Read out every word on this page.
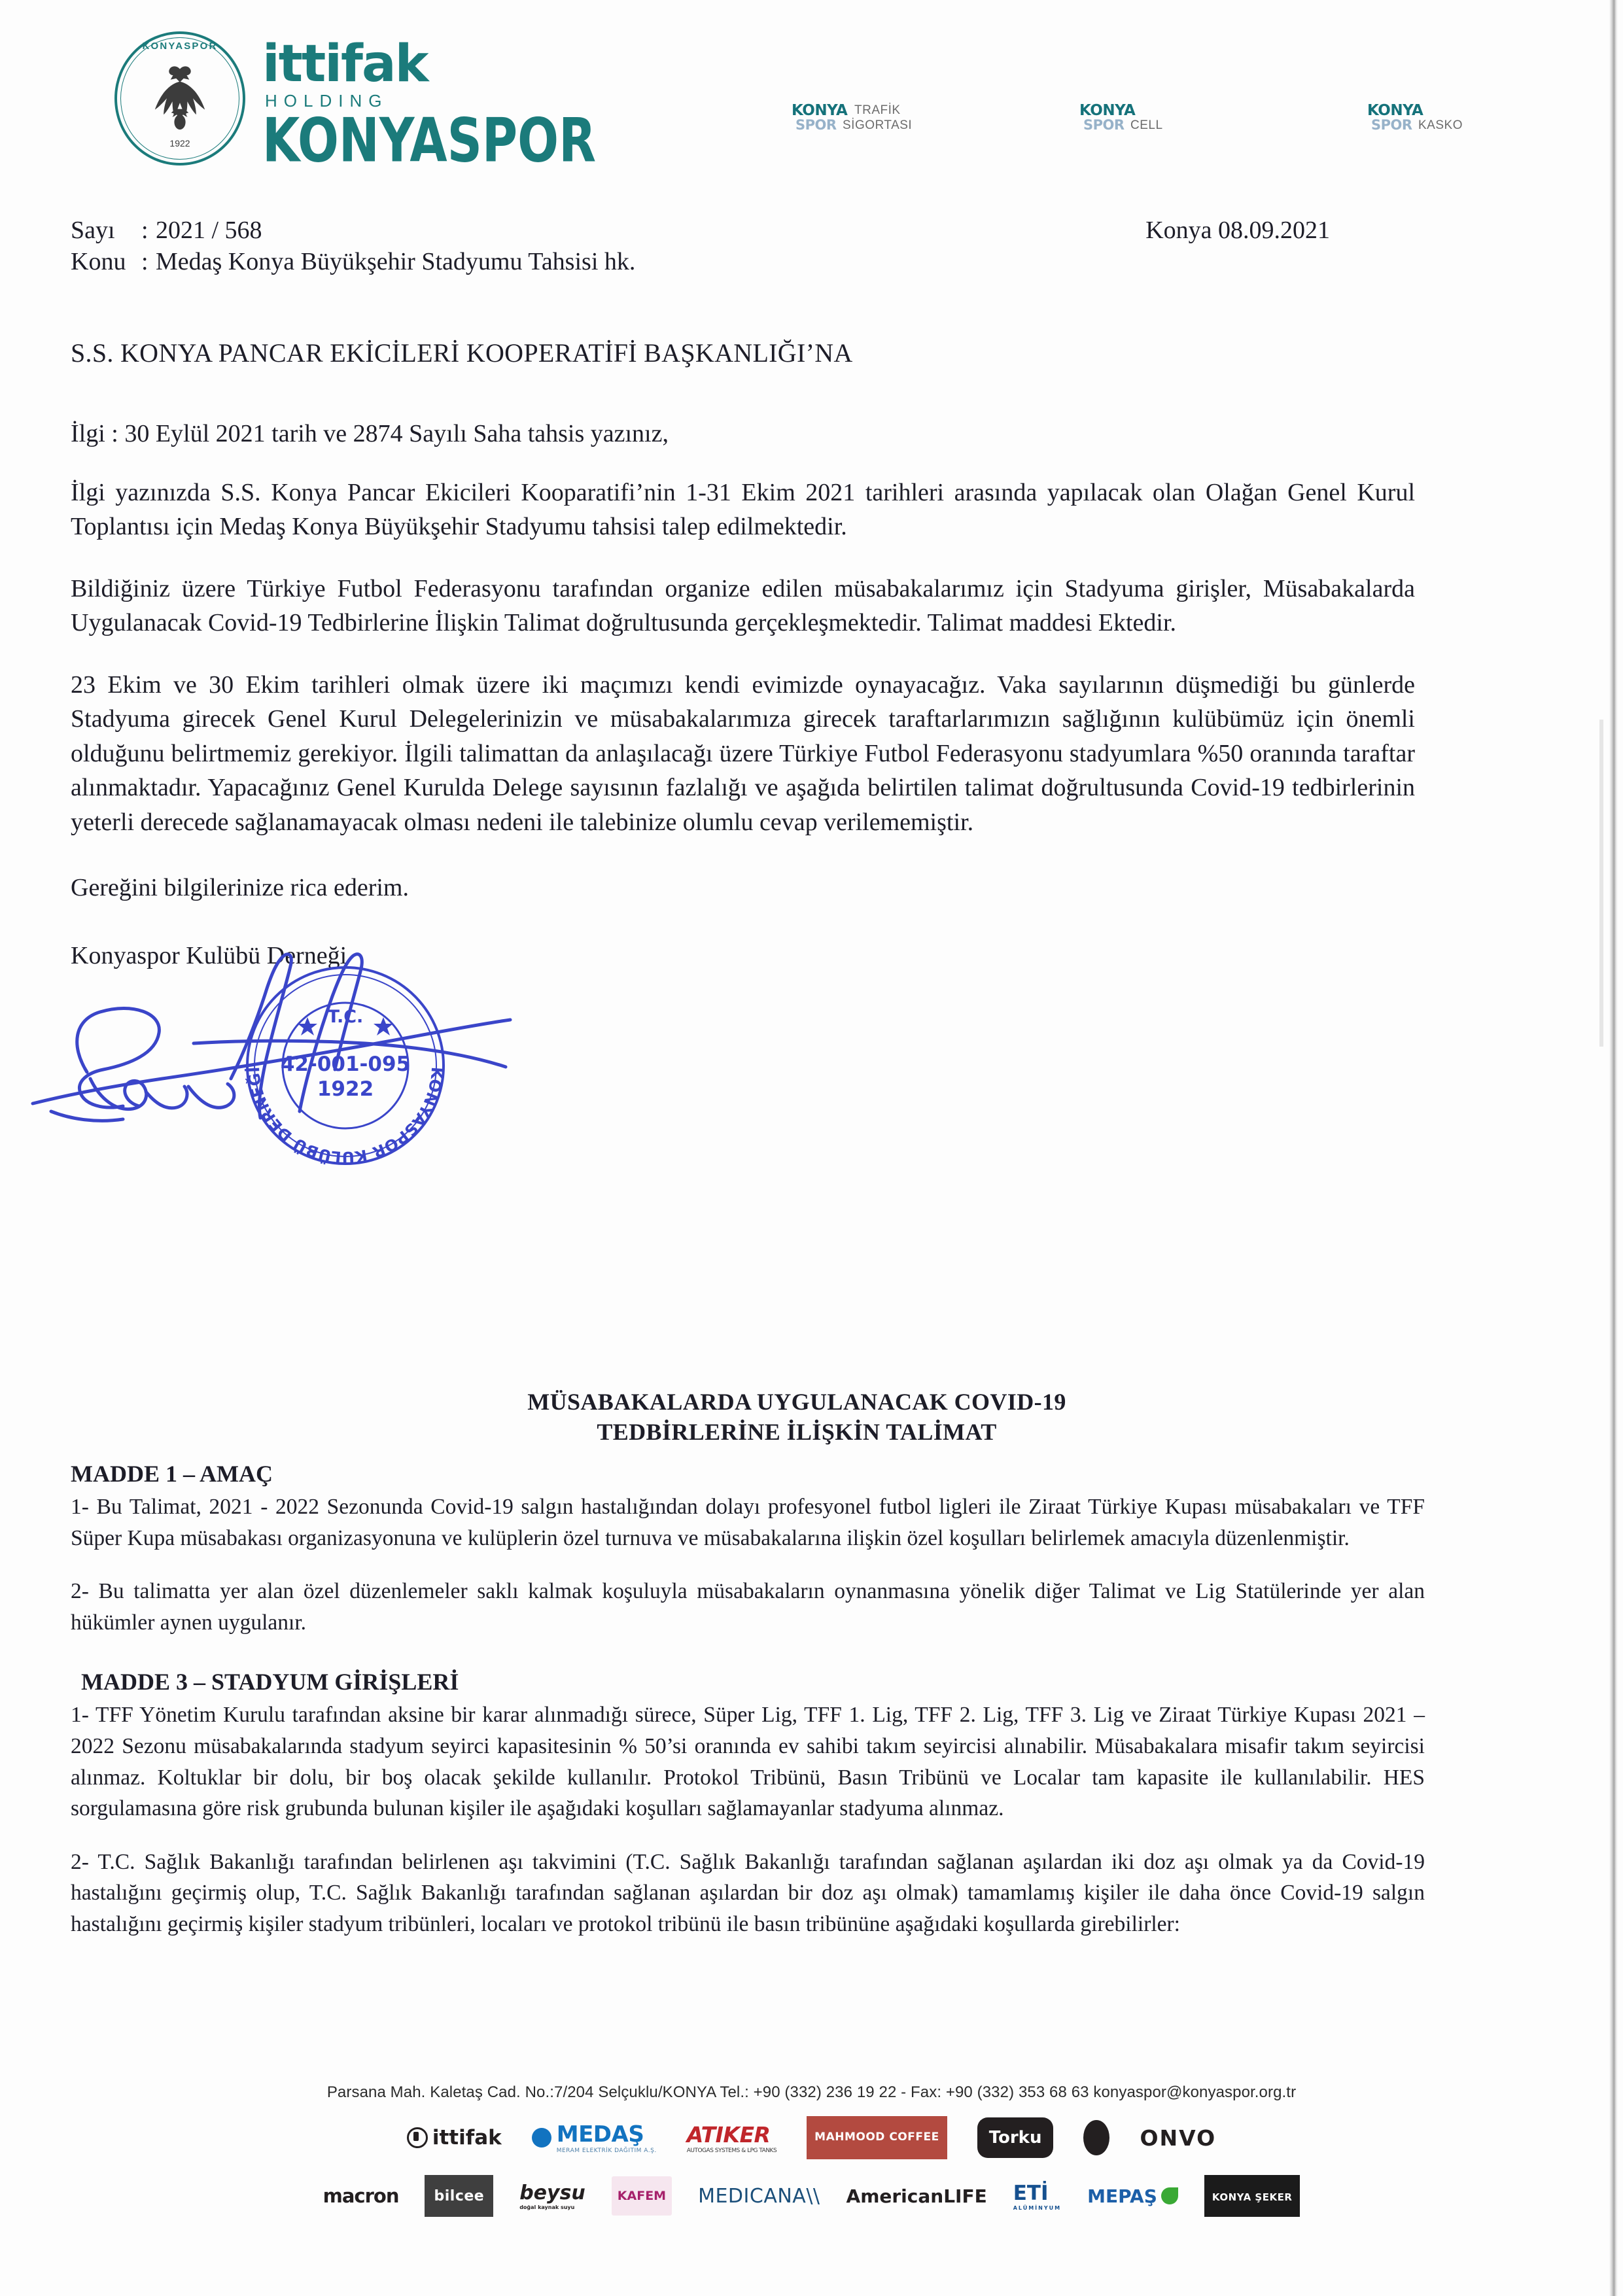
KONYASPOR
1922
ittifak
HOLDING
KONYASPOR	KONYA
SPOR
TRAFİK
SİGORTASI
KONYA
SPOR CELL
KONYA
SPOR KASKO
Sayı : 2021 / 568	Konya 08.09.2021
Konu : Medaş Konya Büyükşehir Stadyumu Tahsisi hk.
S.S. KONYA PANCAR EKİCİLERİ KOOPERATİFİ BAŞKANLIĞI’NA
İlgi : 30 Eylül 2021 tarih ve 2874 Sayılı Saha tahsis yazınız,

İlgi yazınızda S.S. Konya Pancar Ekicileri Kooparatifi’nin 1-31 Ekim 2021 tarihleri arasında yapılacak olan Olağan Genel Kurul Toplantısı için Medaş Konya Büyükşehir Stadyumu tahsisi talep edilmektedir.

Bildiğiniz üzere Türkiye Futbol Federasyonu tarafından organize edilen müsabakalarımız için Stadyuma girişler, Müsabakalarda Uygulanacak Covid-19 Tedbirlerine İlişkin Talimat doğrultusunda gerçekleşmektedir. Talimat maddesi Ektedir.

23 Ekim ve 30 Ekim tarihleri olmak üzere iki maçımızı kendi evimizde oynayacağız. Vaka sayılarının düşmediği bu günlerde Stadyuma girecek Genel Kurul Delegelerinizin ve müsabakalarımıza girecek taraftarlarımızın sağlığının kulübümüz için önemli olduğunu belirtmemiz gerekiyor. İlgili talimattan da anlaşılacağı üzere Türkiye Futbol Federasyonu stadyumlara %50 oranında taraftar alınmaktadır. Yapacağınız Genel Kurulda Delege sayısının fazlalığı ve aşağıda belirtilen talimat doğrultusunda Covid-19 tedbirlerinin yeterli derecede sağlanamayacak olması nedeni ile talebinize olumlu cevap verilememiştir.

Gereğini bilgilerinize rica ederim.
Konyaspor Kulübü Derneği
T.C.
KONYASPOR KULÜBÜ DERNEĞİ 42-001-095
1922
MÜSABAKALARDA UYGULANACAK COVID-19
TEDBİRLERİNE İLİŞKİN TALİMAT
MADDE 1 – AMAÇ

1- Bu Talimat, 2021 - 2022 Sezonunda Covid-19 salgın hastalığından dolayı profesyonel futbol ligleri ile Ziraat Türkiye Kupası müsabakaları ve TFF Süper Kupa müsabakası organizasyonuna ve kulüplerin özel turnuva ve müsabakalarına ilişkin özel koşulları belirlemek amacıyla düzenlenmiştir.

2- Bu talimatta yer alan özel düzenlemeler saklı kalmak koşuluyla müsabakaların oynanmasına yönelik diğer Talimat ve Lig Statülerinde yer alan hükümler aynen uygulanır.

MADDE 3 – STADYUM GİRİŞLERİ

1- TFF Yönetim Kurulu tarafından aksine bir karar alınmadığı sürece, Süper Lig, TFF 1. Lig, TFF 2. Lig, TFF 3. Lig ve Ziraat Türkiye Kupası 2021 – 2022 Sezonu müsabakalarında stadyum seyirci kapasitesinin % 50’si oranında ev sahibi takım seyircisi alınabilir. Müsabakalara misafir takım seyircisi alınmaz. Koltuklar bir dolu, bir boş olacak şekilde kullanılır. Protokol Tribünü, Basın Tribünü ve Localar tam kapasite ile kullanılabilir. HES sorgulamasına göre risk grubunda bulunan kişiler ile aşağıdaki koşulları sağlamayanlar stadyuma alınmaz.

2- T.C. Sağlık Bakanlığı tarafından belirlenen aşı takvimini (T.C. Sağlık Bakanlığı tarafından sağlanan aşılardan iki doz aşı olmak ya da Covid-19 hastalığını geçirmiş olup, T.C. Sağlık Bakanlığı tarafından sağlanan aşılardan bir doz aşı olmak) tamamlamış kişiler ile daha önce Covid-19 salgın hastalığını geçirmiş kişiler stadyum tribünleri, locaları ve protokol tribünü ile basın tribününe aşağıdaki koşullarda girebilirler:

Parsana Mah. Kaletaş Cad. No.:7/204 Selçuklu/KONYA Tel.: +90 (332) 236 19 22 - Fax: +90 (332) 353 68 63 konyaspor@konyaspor.org.tr
ittifak MEDAŞ
MERAM ELEKTRİK DAĞITIM A.Ş.
ATIKER
AUTOGAS SYSTEMS & LPG TANKS
MAHMOOD COFFEE	Torku	ONVO
macron	bilcee	beysu
doğal kaynak suyu
KAFEM	MEDICANA\\ AmericanLIFE ETİ
ALÜMİNYUM
MEPAŞ	KONYA ŞEKER
